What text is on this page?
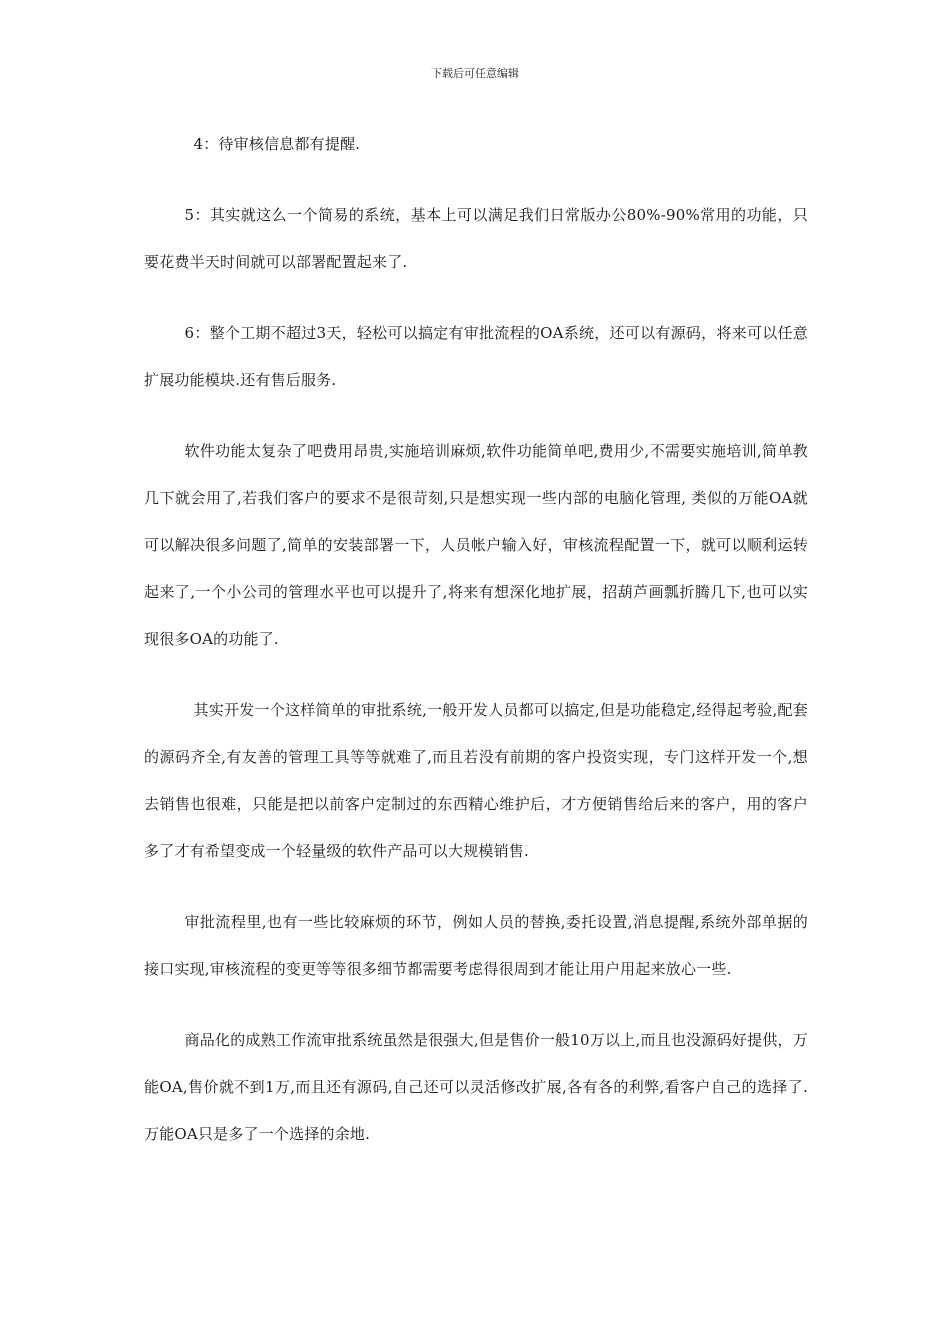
下载后可任意编辑

4：待审核信息都有提醒.

5：其实就这么一个简易的系统，基本上可以满足我们日常版办公80%-90%常用的功能，只要花费半天时间就可以部署配置起来了.

6：整个工期不超过3天，轻松可以搞定有审批流程的OA系统，还可以有源码，将来可以任意扩展功能模块.还有售后服务.

软件功能太复杂了吧费用昂贵,实施培训麻烦,软件功能简单吧,费用少,不需要实施培训,简单教几下就会用了,若我们客户的要求不是很苛刻,只是想实现一些内部的电脑化管理, 类似的万能OA就可以解决很多问题了,简单的安装部署一下，人员帐户输入好，审核流程配置一下，就可以顺利运转起来了,一个小公司的管理水平也可以提升了,将来有想深化地扩展，招葫芦画瓢折腾几下,也可以实现很多OA的功能了.

其实开发一个这样简单的审批系统,一般开发人员都可以搞定,但是功能稳定,经得起考验,配套的源码齐全,有友善的管理工具等等就难了,而且若没有前期的客户投资实现，专门这样开发一个,想去销售也很难，只能是把以前客户定制过的东西精心维护后，才方便销售给后来的客户，用的客户多了才有希望变成一个轻量级的软件产品可以大规模销售.

审批流程里,也有一些比较麻烦的环节，例如人员的替换,委托设置,消息提醒,系统外部单据的接口实现,审核流程的变更等等很多细节都需要考虑得很周到才能让用户用起来放心一些.

商品化的成熟工作流审批系统虽然是很强大,但是售价一般10万以上,而且也没源码好提供，万能OA,售价就不到1万,而且还有源码,自己还可以灵活修改扩展,各有各的利弊,看客户自己的选择了.万能OA只是多了一个选择的余地.
